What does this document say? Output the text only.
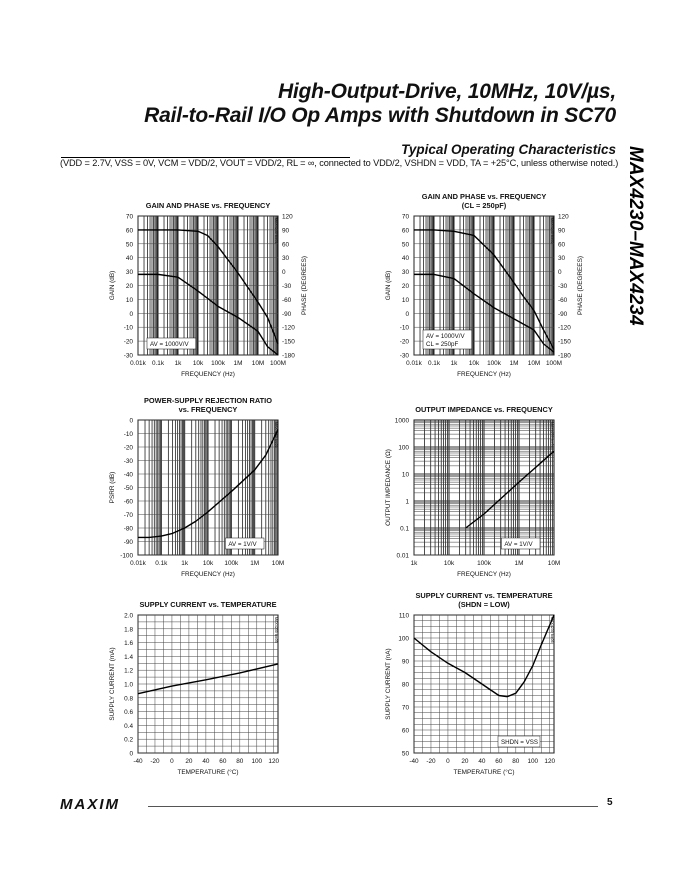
High-Output-Drive, 10MHz, 10V/µs,
Rail-to-Rail I/O Op Amps with Shutdown in SC70
Typical Operating Characteristics
(VDD = 2.7V, VSS = 0V, VCM = VDD/2, VOUT = VDD/2, RL = ∞, connected to VDD/2, VSHDN = VDD, TA = +25°C, unless otherwise noted.) MAX4230–MAX4234
-30
-20
-10
0
10
20
30
40
50
60
70
-180
-150
-120
-90
-60
-30
0
30
60
90
120
0.01k 0.1k 1k 10k 100k 1M 10M 100M
GAIN AND PHASE vs. FREQUENCY
FREQUENCY (Hz)
GAIN (dB)	PHASE (DEGREES)
MAX4230 toc01
AV = 1000V/V
-30
-20
-10
0
10
20
30
40
50
60
70
-180
-150
-120
-90
-60
-30
0
30
60
90
120
0.01k 0.1k 1k 10k 100k 1M 10M 100M
GAIN AND PHASE vs. FREQUENCY
(CL = 250pF)
FREQUENCY (Hz)
GAIN (dB)	PHASE (DEGREES)
MAX4230 toc02
AV = 1000V/V
CL = 250pF
-100
-90
-80
-70
-60
-50
-40
-30
-20
-10
0
0.01k 0.1k 1k 10k 100k 1M 10M
POWER-SUPPLY REJECTION RATIO
vs. FREQUENCY
FREQUENCY (Hz)
PSRR (dB)
MAX4230 toc03
AV = 1V/V
0.01
0.1
1
10
100
1000
1k	10k	100k	1M	10M
OUTPUT IMPEDANCE vs. FREQUENCY
FREQUENCY (Hz)
OUTPUT IMPEDANCE (Ω)
MAX4230 toc04
AV = 1V/V
0
0.2
0.4
0.6
0.8
1.0
1.2
1.4
1.6
1.8
2.0
-40 -20 0 20 40 60 80 100 120
SUPPLY CURRENT vs. TEMPERATURE
TEMPERATURE (°C)
SUPPLY CURRENT (mA)
MAX4230 toc05
50
60
70
80
90
100
110
-40 -20 0 20 40 60 80 100 120
SUPPLY CURRENT vs. TEMPERATURE
(SHDN = LOW)
TEMPERATURE (°C)
SUPPLY CURRENT (nA)
MAX4230 toc06
SHDN = VSS
MAXIM	5
